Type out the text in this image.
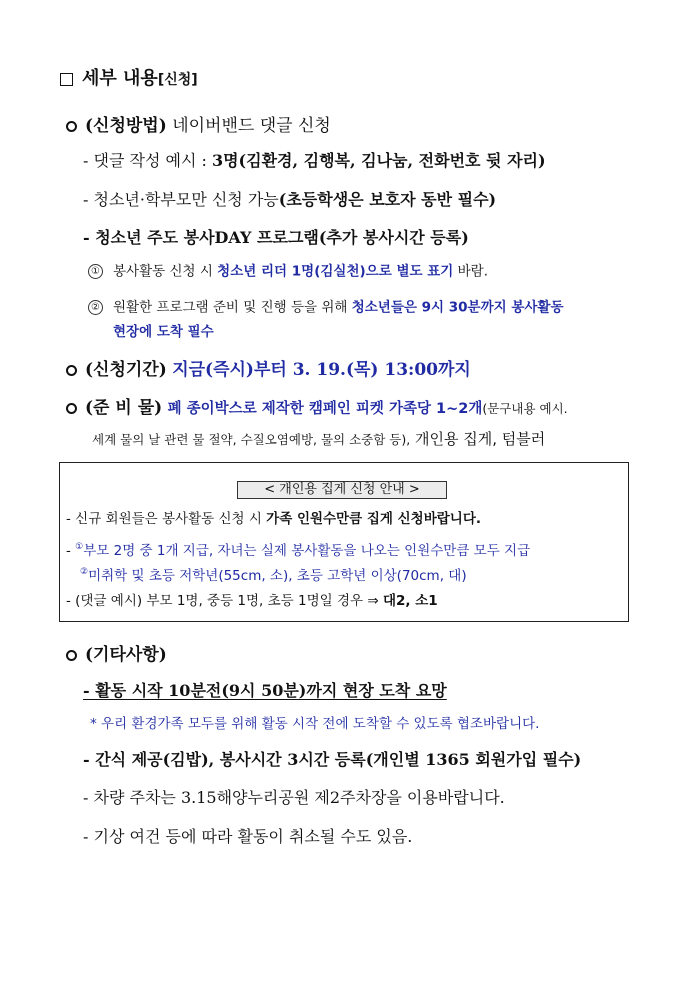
세부 내용[신청]
(신청방법) 네이버밴드 댓글 신청
- 댓글 작성 예시 : 3명(김환경, 김행복, 김나눔, 전화번호 뒷 자리)
- 청소년·학부모만 신청 가능(초등학생은 보호자 동반 필수)
- 청소년 주도 봉사DAY 프로그램(추가 봉사시간 등록)
① 봉사활동 신청 시 청소년 리더 1명(김실천)으로 별도 표기 바람.
② 원활한 프로그램 준비 및 진행 등을 위해 청소년들은 9시 30분까지 봉사활동
현장에 도착 필수
(신청기간) 지금(즉시)부터 3. 19.(목) 13:00까지
(준 비 물) 폐 종이박스로 제작한 캠페인 피켓 가족당 1~2개(문구내용 예시.
세계 물의 날 관련 물 절약, 수질오염예방, 물의 소중함 등), 개인용 집게, 텀블러
< 개인용 집게 신청 안내 >
- 신규 회원들은 봉사활동 신청 시 가족 인원수만큼 집게 신청바랍니다.
- ①부모 2명 중 1개 지급, 자녀는 실제 봉사활동을 나오는 인원수만큼 모두 지급
②미취학 및 초등 저학년(55cm, 소), 초등 고학년 이상(70cm, 대)
- (댓글 예시) 부모 1명, 중등 1명, 초등 1명일 경우 ⇒ 대2, 소1
(기타사항)
- 활동 시작 10분전(9시 50분)까지 현장 도착 요망
* 우리 환경가족 모두를 위해 활동 시작 전에 도착할 수 있도록 협조바랍니다.
- 간식 제공(김밥), 봉사시간 3시간 등록(개인별 1365 회원가입 필수)
- 차량 주차는 3.15해양누리공원 제2주차장을 이용바랍니다.
- 기상 여건 등에 따라 활동이 취소될 수도 있음.
